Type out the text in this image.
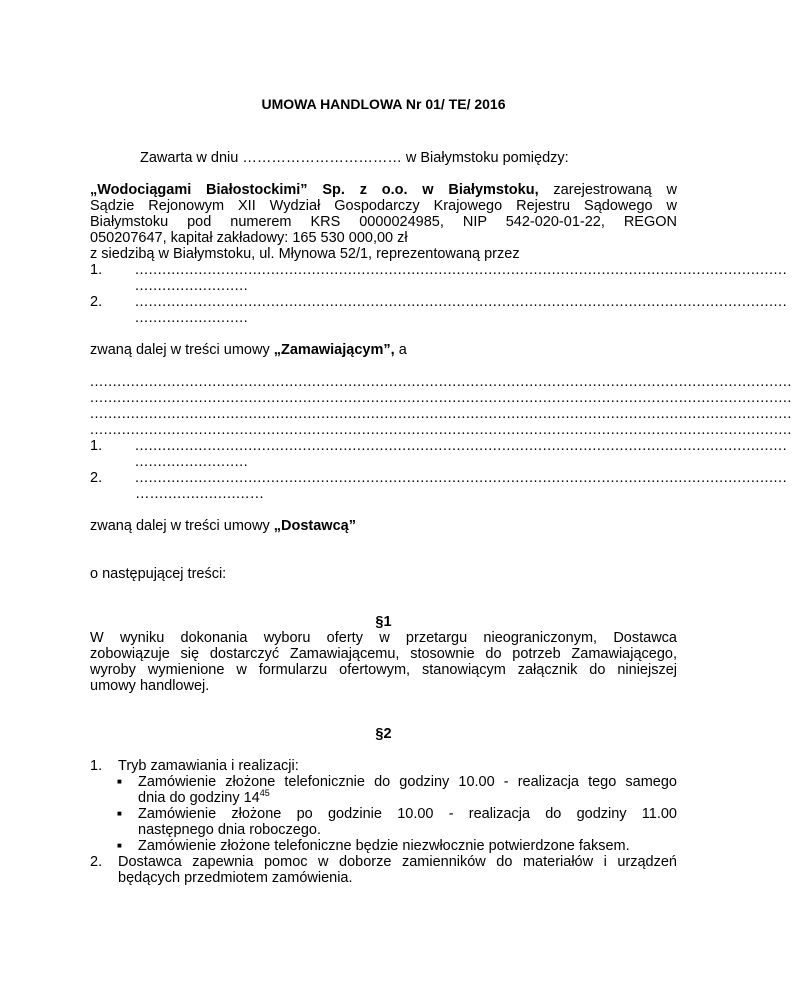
UMOWA HANDLOWA Nr 01/ TE/ 2016
Zawarta w dniu …………………………… w Białymstoku pomiędzy:
„Wodociągami Białostockimi” Sp. z o.o. w Białymstoku, zarejestrowaną w
Sądzie Rejonowym XII Wydział Gospodarczy Krajowego Rejestru Sądowego w
Białymstoku pod numerem KRS 0000024985, NIP 542-020-01-22, REGON
050207647, kapitał zakładowy: 165 530 000,00 zł
z siedzibą w Białymstoku, ul. Młynowa 52/1, reprezentowaną przez
1.	................................................................................................................................................
.........................
2.	................................................................................................................................................
.........................
zwaną dalej w treści umowy „Zamawiającym”, a
...........................................................................................................................................................
...........................................................................................................................................................
...........................................................................................................................................................
...........................................................................................................................................................
1.	................................................................................................................................................
.........................
2.	................................................................................................................................................
…......................…
zwaną dalej w treści umowy „Dostawcą”
o następującej treści:
§1
W wyniku dokonania wyboru oferty w przetargu nieograniczonym, Dostawca
zobowiązuje się dostarczyć Zamawiającemu, stosownie do potrzeb Zamawiającego,
wyroby wymienione w formularzu ofertowym, stanowiącym załącznik do niniejszej
umowy handlowej.
§2
1. Tryb zamawiania i realizacji:
■ Zamówienie złożone telefonicznie do godziny 10.00 - realizacja tego samego
dnia do godziny $14^{45}$
■ Zamówienie złożone po godzinie 10.00 - realizacja do godziny 11.00
następnego dnia roboczego.
■ Zamówienie złożone telefoniczne będzie niezwłocznie potwierdzone faksem.
2. Dostawca zapewnia pomoc w doborze zamienników do materiałów i urządzeń
będących przedmiotem zamówienia.
